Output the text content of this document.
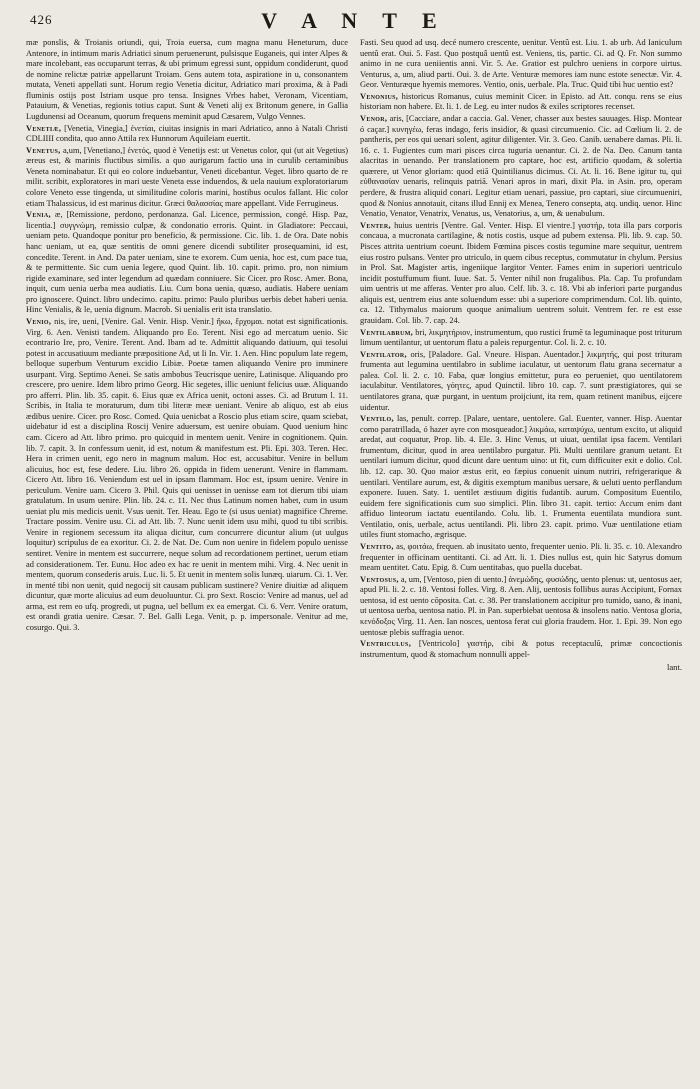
426	V A N T E

mæ ponslis, & Troianis oriundi, qui, Troia euersa, cum magna manu Heneturum, duce Antenore, in intimum maris Adriatici sinum peruenerunt, pulsisque Euganeis, qui inter Alpes & mare incolebant, eas occuparunt terras, & ubi primum egressi sunt, oppidum condiderunt, quod de nomine relictæ patriæ appellarunt Troiam. Gens autem tota, aspiratione in u, consonantem mutata, Veneti appellati sunt. Horum regio Venetia dicitur, Adriatico mari proxima, & à Padi fluminis ostijs post Istriam usque pro tensa. Insignes Vrbes habet, Veronam, Vicentiam, Patauium, & Venetias, regionis totius caput. Sunt & Veneti alij ex Britonum genere, in Gallia Lugdunensi ad Oceanum, quorum frequens meminit apud Cæsarem, Vulgo Vennes.

Venetiæ, [Venetia, Vinegia,] ἐνετίαι, ciuitas insignis in mari Adriatico, anno à Natali Christi CDLIIII condita, quo anno Attila rex Hunnorum Aquileiam euertit.

Venetus, a,um, [Venetiano,] ἐνετός, quod è Venetijs est: ut Venetus color, qui (ut ait Vegetius) æreus est, & marinis fluctibus similis. a quo aurigarum factio una in curulib certaminibus Veneta nominabatur. Et qui eo colore induebantur, Veneti dicebantur. Veget. libro quarto de re milit. scribit, exploratores in mari ueste Veneta esse induendos, & uela nauium exploratoriarum colore Veneto esse tingenda, ut similitudine coloris marini, hostibus oculos fallant. Hic color etiam Thalassicus, id est marinus dicitur. Græci θαλασσίας mare appellant. Vide Ferrugineus.

Venia, æ, [Remissione, perdono, perdonanza. Gal. Licence, permission, congé. Hisp. Paz, licentia.] συγγνώμη, remissio culpæ, & condonatio erroris. Quint. in Gladiatore: Peccaui, ueniam peto. Quandoque ponitur pro beneficio, & permissione. Cic. lib. 1. de Ora. Date nobis hanc ueniam, ut ea, quæ sentitis de omni genere dicendi subtiliter prosequamini, id est, concedite. Terent. in And. Da pater ueniam, sine te exorem. Cum uenia, hoc est, cum pace tua, & te permittente. Sic cum uenia legere, quod Quint. lib. 10. capit. primo. pro, non nimium rigide examinare, sed inter legendum ad quædam conniuere. Sic Cicer. pro Rosc. Amer. Bona, inquit, cum uenia uerba mea audiatis. Liu. Cum bona uenia, quæso, audiatis. Habere ueniam pro ignoscere. Quinct. libro undecimo. capitu. primo: Paulo pluribus uerbis debet haberi uenia. Hinc Venialis, & le, uenia dignum. Macrob. Si uenialis erit ista translatio.

Venio, nis, ire, ueni, [Venire. Gal. Venir. Hisp. Venir.] ἥκω, ἔρχομαι. notat est significationis. Virg. 6. Aen. Venisti tandem. Aliquando pro Eo. Terent. Nisi ego ad mercatum uenio. Sic econtrario Ire, pro, Venire. Terent. And. Ibam ad te. Admittit aliquando datiuum, qui tesolui potest in accusatiuum mediante præpositione Ad, ut Ii In. Vir. 1. Aen. Hinc populum late regem, belloque superbum Venturum excidio Libiæ. Poetæ tamen aliquando Venire pro imminere usurpant. Virg. Septimo Aenei. Se satis ambobus Teucrisque uenire, Latinisque. Aliquando pro crescere, pro uenire. Idem libro primo Georg. Hic segetes, illic ueniunt felicius uuæ. Aliquando pro afferri. Plin. lib. 35. capit. 6. Eius quæ ex Africa uenit, octoni asses. Ci. ad Brutum l. 11. Scribis, in Italia te moraturum, dum tibi literæ meæ ueniant. Venire ab aliquo, est ab eius ædibus uenire. Cicer. pro Rosc. Comed. Quia uenicbat a Roscio plus etiam scire, quam sciebat, uidebatur id est a disciplina Roscij Venire aduersum, est uenire obuiam. Quod uenium hinc cam. Cicero ad Att. libro primo. pro quicquid in mentem uenit. Venire in cognitionem. Quin. lib. 7. capit. 3. In confessum uenit, id est, notum & manifestum est. Pli. Epi. 303. Teren. Hec. Hera in crimen uenit, ego nero in magnum malum. Hoc est, accusabitur. Venire in bellum alicuius, hoc est, fese dedere. Liu. libro 26. oppida in fidem uenerunt. Venire in flammam. Cicero Att. libro 16. Veniendum est uel in ipsam flammam. Hoc est, ipsum uenire. Venire in periculum. Venire uam. Cicero 3. Phil. Quis qui uenisset in uenisse eam tot dierum tibi uiam gratulatum. In usum uenire. Plin. lib. 24. c. 11. Nec thus Latinum nomen habet, cum in usum ueniat plu mis medicis uenit. Vsus uenit. Ter. Heau. Ego te (si usus ueniat) magnifice Chreme. Tractare possim. Venire usu. Ci. ad Att. lib. 7. Nunc uenit idem usu mihi, quod tu tibi scribis. Venire in regionem secessum ita aliqua dicitur, cum concurrere dicuntur alium (ut uulgus loquitur) scripulus de ea exoritur. Ci. 2. de Nat. De. Cum non uenire in fidelem populo uenisse sentiret. Venire in mentem est succurrere, neque solum ad recordationem pertinet, uerum etiam ad considerationem. Ter. Eunu. Hoc adeo ex hac re uenit in mentem mihi. Virg. 4. Nec uenit in mentem, quorum consederis aruis. Luc. li. 5. Et uenit in mentem solis lunæq. uiarum. Ci. 1. Ver. in menté tibi non uenit, quid negocij sit causam publicam sustinere? Venire diuitiæ ad aliquem dicuntur, quæ morte alicuius ad eum deuoluuntur. Ci. pro Sext. Roscio: Venire ad manus, uel ad arma, est rem eo ufq. progredi, ut pugna, uel bellum ex ea emergat. Ci. 6. Verr. Venire oratum, est orandi gratia uenire. Cæsar. 7. Bel. Galli Lega. Venit, p. p. impersonale. Venitur ad me, cosurgo. Qui. 3.

Fasti. Seu quod ad usq. decé numero crescente, uenitur. Ventû est. Liu. 1. ab urb. Ad Ianiculum uentû erat. Oui. 5. Fast. Quo postquâ uentû est. Veniens, tis, partic. Ci. ad Q. Fr. Non summo animo in ne cura ueniientis anni. Vir. 5. Ae. Gratior est pulchro ueniens in corpore uirtus. Venturus, a, um, aliud parti. Oui. 3. de Arte. Venturæ memores iam nunc estote senectæ. Vir. 4. Geor. Venturæque hyemis memores. Ventio, onis, uerbale. Pla. Truc. Quid tibi huc uentio est?

Venonius, historicus Romanus, cuius meminit Cicer. in Episto. ad Att. conqu. rens se eius historiam non habere. Et. li. 1. de Leg. eu inter nudos & exiles scriptores recenset.

Venor, aris, [Cacciare, andar a caccia. Gal. Vener, chasser aux bestes sauuages. Hisp. Montear ó caçar.] κυνηγέω, feras indago, feris insidior, & quasi circumuenio. Cic. ad Cœlium li. 2. de pantheris, per eos qui uenari solent, agitur diligenter. Vir. 3. Geo. Canib. uenabere damas. Pli. li. 16. c. 1. Fugientes cum mari pisces circa tuguria uenantur. Ci. 2. de Na. Deo. Canum tanta alacritas in uenando. Per translationem pro captare, hoc est, artificio quodam, & solertia quærere, ut Venor gloriam: quod etiā Quintilianus dicimus. Ci. At. li. 16. Bene igitur tu, qui εὐθανασίαν uenaris, relinquis patriā. Venari apros in mari, dixit Pla. in Asin. pro, operam perdere, & frustra aliquid conari. Legitur etiam uenari, passiue, pro captari, siue circumueniri, quod & Nonius annotauit, citans illud Ennij ex Menea, Tenero consepta, atq. undiq. uenor. Hinc Venatio, Venator, Venatrix, Venatus, us, Venatorius, a, um, & uenabulum.

Venter, huius uentris [Ventre. Gal. Venter. Hisp. El vientre.] γαστήρ, tota illa pars corporis concaua, a mucronata cartilagine, & notis costis, usque ad pubem extensa. Pli. lib. 9. cap. 50. Pisces attrita uentrium coeunt. Ibidem Fœmina pisces costis tegumine mare sequitur, uentrem eius rostro pulsans. Venter pro utriculo, in quem cibus receptus, commutatur in chylum. Persius in Prol. Sat. Magister artis, ingeniique largitor Venter. Fames enim in superiori uentriculo incidit postuffumum fiunt. Iuue. Sat. 5. Venter nihil non frugalibus. Pla. Cap. Tu profundam uim uentris ut me afferas. Venter pro aluo. Celf. lib. 3. c. 18. Vbi ab inferiori parte purgandus aliquis est, uentrem eius ante soluendum esse: ubi a superiore comprimendum. Col. lib. quinto, ca. 12. Tithymalus maiorum quoque animalium uentrem soluit. Ventrem fer. re est esse grauidam. Col. lib. 7. cap. 24.

Ventilabrum, bri, λικμητήριον, instrumentum, quo rustici frumē ta leguminaque post triturum limum uentilantur, ut uentorum flatu a paleis repurgentur. Col. li. 2. c. 10.

Ventilator, oris, [Paladore. Gal. Vneure. Hispan. Auentador.] λικμητής, qui post trituram frumenta aut legumina uentilabro in sublime iaculatur, ut uentorum flatu grana secernatur a palea. Col. li. 2. c. 10. Faba, quæ longius emittetur, pura eo perueniet, quo uentilatorem iaculabitur. Ventilatores, γόητες, apud Quinctil. libro 10. cap. 7. sunt præstigiatores, qui se uentilatores grana, quæ purgant, in uentum proijciunt, ita rem, quam retinent manibus, eijcere uidentur.

Ventilo, las, penult. correp. [Palare, uentare, uentolere. Gal. Euenter, vanner. Hisp. Auentar como paratrillada, ó hazer ayre con mosqueador.] λικμάω, καταψύχω, uentum excito, ut aliquid aredat, aut coquatur, Prop. lib. 4. Ele. 3. Hinc Venus, ut uiuat, uentilat ipsa facem. Ventilari frumentum, dicitur, quod in area uentilabro purgatur. Pli. Multi uentilare granum uetant. Et uentilari iumum dicitur, quod dicunt dare uentum uino: ut fit, cum difficuiter exit e dolio. Col. lib. 12. cap. 30. Quo maior æstus erit, eo fæpius conuenit uinum nutriri, refrigerarique & uentilari. Ventilare aurum, est, & digitis exemptum manibus uersare, & ueluti uento perflandum exponere. Iuuen. Saty. 1. uentilet æstiuum digitis fudantib. aurum. Compositum Euentilo, euidem fere significationis cum suo simplici. Plin. libro 31. capit. tertio: Accum enim dant affiduo linteorum iactatu euentilando. Colu. lib. 1. Frumenta euentilata mundiora sunt. Ventilatio, onis, uerbale, actus uentilandi. Pli. libro 23. capit. primo. Vuæ uentilatione etiam utiles fiunt stomacho, ægrisque.

Ventito, as, φοιτάω, frequen. ab inusitato uento, frequenter uenio. Pli. li. 35. c. 10. Alexandro frequenter in officinam uentitanti. Ci. ad Att. li. 1. Dies nullus est, quin hic Satyrus domum meam uentitet. Catu. Epig. 8. Cum uentitabas, quo puella ducebat.

Ventosus, a, um, [Ventoso, pien di uento.] ἀνεμώδης, φυσώδης, uento plenus: ut, uentosus aer, apud Pli. li. 2. c. 18. Ventosi folles. Virg. 8. Aen. Alij, uentosis follibus auras Accipiunt, Fornax uentosa, id est uento cōposita. Cat. c. 38. Per translationem accipitur pro tumido, uano, & inani, ut uentosa uerba, uentosa natio. Pl. in Pan. superbiebat uentosa & insolens natio. Ventosa gloria, κενόδοξος Virg. 11. Aen. Ian nosces, uentosa ferat cui gloria fraudem. Hor. 1. Epi. 39. Non ego uentosæ plebis suffragia uenor.

Ventriculus, [Ventricolo] γαστήρ, cibi & potus receptaculū, primæ concoctionis instrumentum, quod & stomachum nonnulli appel-

lant.
